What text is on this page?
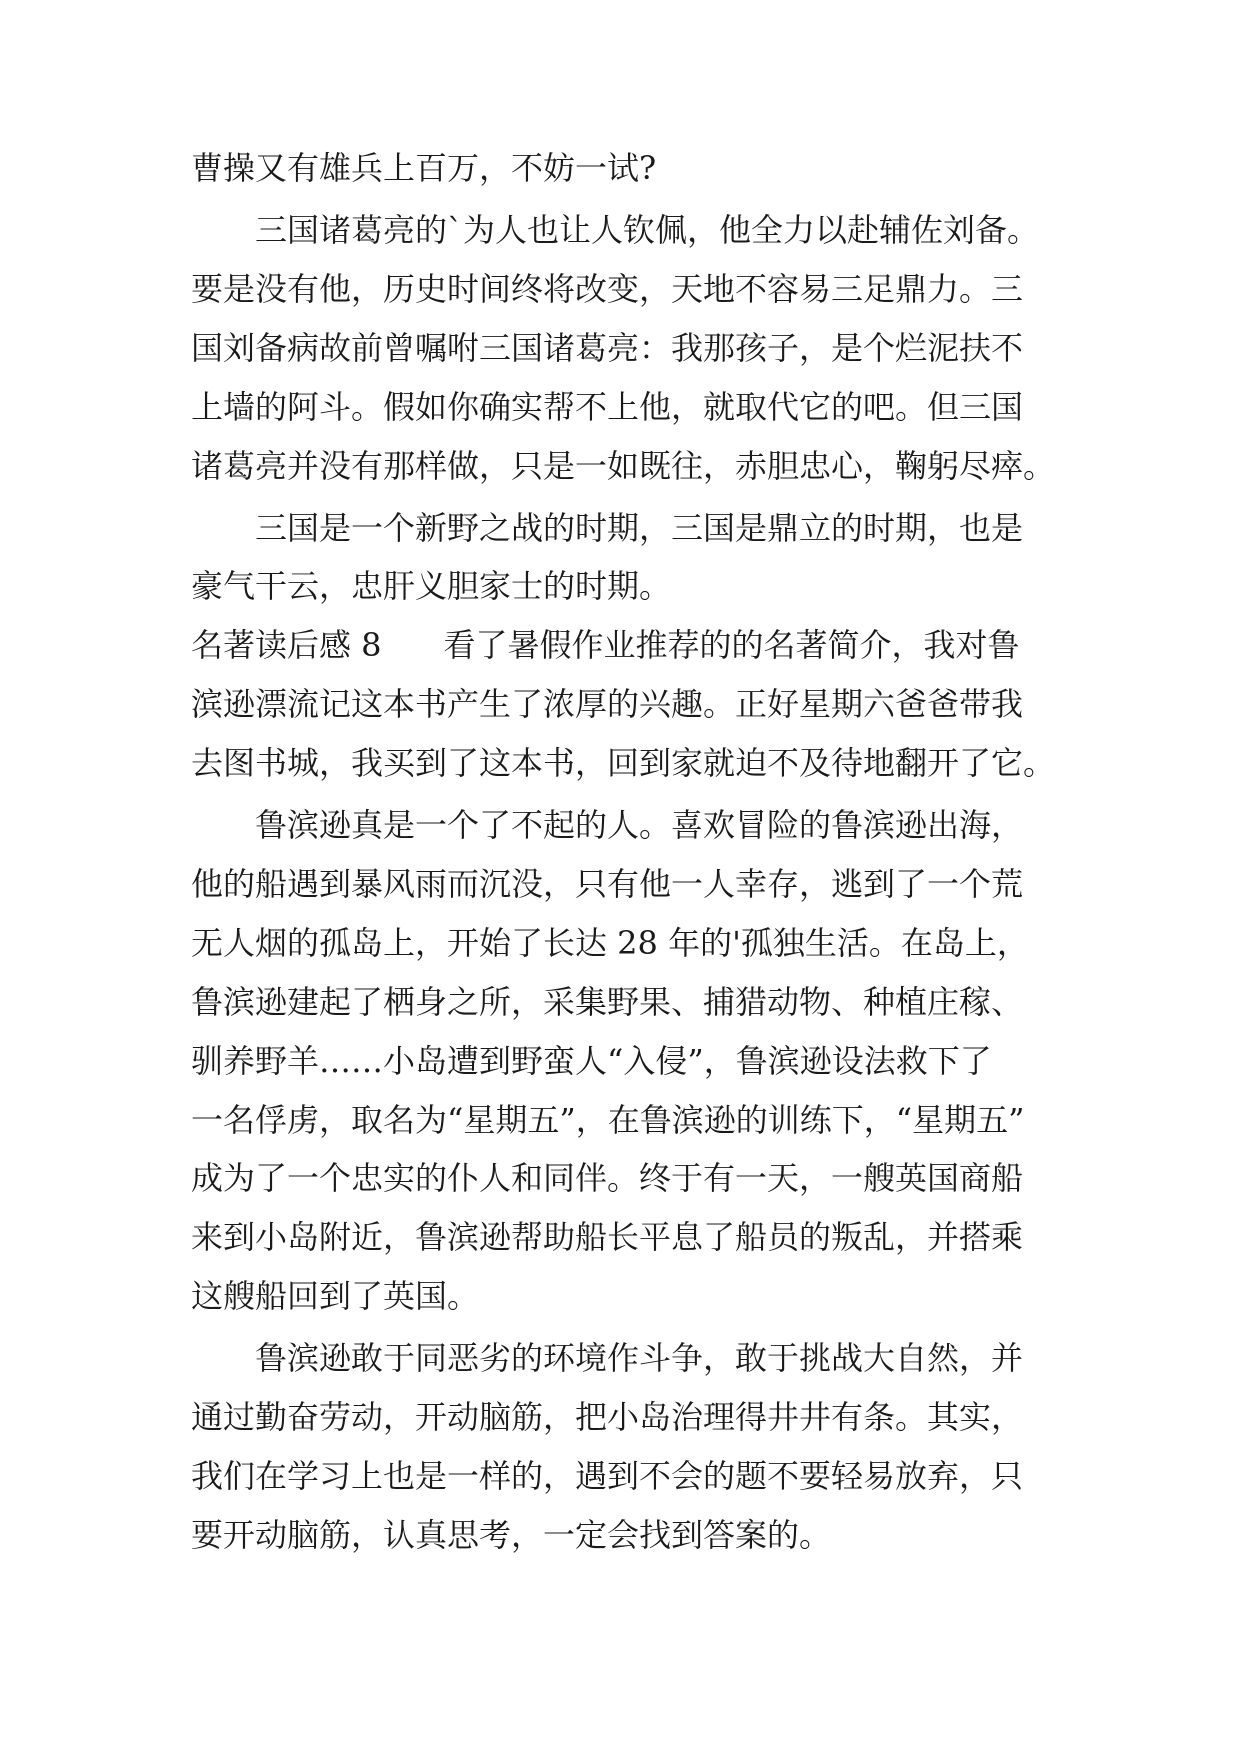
曹操又有雄兵上百万，不妨一试?
三国诸葛亮的`为人也让人钦佩，他全力以赴辅佐刘备。
要是没有他，历史时间终将改变，天地不容易三足鼎力。三
国刘备病故前曾嘱咐三国诸葛亮：我那孩子，是个烂泥扶不
上墙的阿斗。假如你确实帮不上他，就取代它的吧。但三国
诸葛亮并没有那样做，只是一如既往，赤胆忠心，鞠躬尽瘁。
三国是一个新野之战的时期，三国是鼎立的时期，也是
豪气干云，忠肝义胆家士的时期。
名著读后感 8 看了暑假作业推荐的的名著简介，我对鲁
滨逊漂流记这本书产生了浓厚的兴趣。正好星期六爸爸带我
去图书城，我买到了这本书，回到家就迫不及待地翻开了它。
鲁滨逊真是一个了不起的人。喜欢冒险的鲁滨逊出海，
他的船遇到暴风雨而沉没，只有他一人幸存，逃到了一个荒
无人烟的孤岛上，开始了长达 28 年的'孤独生活。在岛上，
鲁滨逊建起了栖身之所，采集野果、捕猎动物、种植庄稼、
驯养野羊……小岛遭到野蛮人“入侵”，鲁滨逊设法救下了
一名俘虏，取名为“星期五”，在鲁滨逊的训练下，“星期五”
成为了一个忠实的仆人和同伴。终于有一天，一艘英国商船
来到小岛附近，鲁滨逊帮助船长平息了船员的叛乱，并搭乘
这艘船回到了英国。
鲁滨逊敢于同恶劣的环境作斗争，敢于挑战大自然，并
通过勤奋劳动，开动脑筋，把小岛治理得井井有条。其实，
我们在学习上也是一样的，遇到不会的题不要轻易放弃，只
要开动脑筋，认真思考，一定会找到答案的。
